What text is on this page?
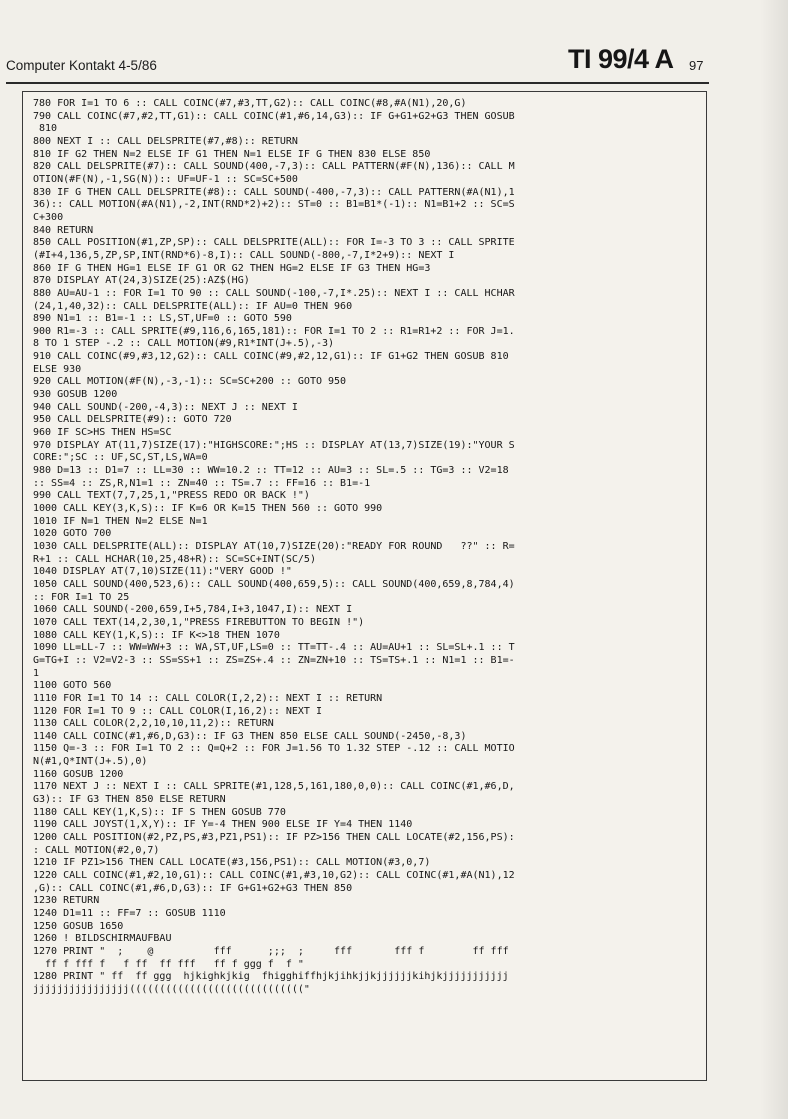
Computer Kontakt 4-5/86	TI 99/4 A 97
780 FOR I=1 TO 6 :: CALL COINC(#7,#3,TT,G2):: CALL COINC(#8,#A(N1),20,G)
790 CALL COINC(#7,#2,TT,G1):: CALL COINC(#1,#6,14,G3):: IF G+G1+G2+G3 THEN GOSUB
810
800 NEXT I :: CALL DELSPRITE(#7,#8):: RETURN
810 IF G2 THEN N=2 ELSE IF G1 THEN N=1 ELSE IF G THEN 830 ELSE 850
820 CALL DELSPRITE(#7):: CALL SOUND(400,-7,3):: CALL PATTERN(#F(N),136):: CALL M
OTION(#F(N),-1,SG(N)):: UF=UF-1 :: SC=SC+500
830 IF G THEN CALL DELSPRITE(#8):: CALL SOUND(-400,-7,3):: CALL PATTERN(#A(N1),1
36):: CALL MOTION(#A(N1),-2,INT(RND*2)+2):: ST=0 :: B1=B1*(-1):: N1=B1+2 :: SC=S
C+300
840 RETURN
850 CALL POSITION(#1,ZP,SP):: CALL DELSPRITE(ALL):: FOR I=-3 TO 3 :: CALL SPRITE
(#I+4,136,5,ZP,SP,INT(RND*6)-8,I):: CALL SOUND(-800,-7,I*2+9):: NEXT I
860 IF G THEN HG=1 ELSE IF G1 OR G2 THEN HG=2 ELSE IF G3 THEN HG=3
870 DISPLAY AT(24,3)SIZE(25):AZ$(HG)
880 AU=AU-1 :: FOR I=1 TO 90 :: CALL SOUND(-100,-7,I*.25):: NEXT I :: CALL HCHAR
(24,1,40,32):: CALL DELSPRITE(ALL):: IF AU=0 THEN 960
890 N1=1 :: B1=-1 :: LS,ST,UF=0 :: GOTO 590
900 R1=-3 :: CALL SPRITE(#9,116,6,165,181):: FOR I=1 TO 2 :: R1=R1+2 :: FOR J=1.
8 TO 1 STEP -.2 :: CALL MOTION(#9,R1*INT(J+.5),-3)
910 CALL COINC(#9,#3,12,G2):: CALL COINC(#9,#2,12,G1):: IF G1+G2 THEN GOSUB 810
ELSE 930
920 CALL MOTION(#F(N),-3,-1):: SC=SC+200 :: GOTO 950
930 GOSUB 1200
940 CALL SOUND(-200,-4,3):: NEXT J :: NEXT I
950 CALL DELSPRITE(#9):: GOTO 720
960 IF SC>HS THEN HS=SC
970 DISPLAY AT(11,7)SIZE(17):"HIGHSCORE:";HS :: DISPLAY AT(13,7)SIZE(19):"YOUR S
CORE:";SC :: UF,SC,ST,LS,WA=0
980 D=13 :: D1=7 :: LL=30 :: WW=10.2 :: TT=12 :: AU=3 :: SL=.5 :: TG=3 :: V2=18
:: SS=4 :: ZS,R,N1=1 :: ZN=40 :: TS=.7 :: FF=16 :: B1=-1
990 CALL TEXT(7,7,25,1,"PRESS REDO OR BACK !")
1000 CALL KEY(3,K,S):: IF K=6 OR K=15 THEN 560 :: GOTO 990
1010 IF N=1 THEN N=2 ELSE N=1
1020 GOTO 700
1030 CALL DELSPRITE(ALL):: DISPLAY AT(10,7)SIZE(20):"READY FOR ROUND   ??" :: R=
R+1 :: CALL HCHAR(10,25,48+R):: SC=SC+INT(SC/5)
1040 DISPLAY AT(7,10)SIZE(11):"VERY GOOD !"
1050 CALL SOUND(400,523,6):: CALL SOUND(400,659,5):: CALL SOUND(400,659,8,784,4)
:: FOR I=1 TO 25
1060 CALL SOUND(-200,659,I+5,784,I+3,1047,I):: NEXT I
1070 CALL TEXT(14,2,30,1,"PRESS FIREBUTTON TO BEGIN !")
1080 CALL KEY(1,K,S):: IF K<>18 THEN 1070
1090 LL=LL-7 :: WW=WW+3 :: WA,ST,UF,LS=0 :: TT=TT-.4 :: AU=AU+1 :: SL=SL+.1 :: T
G=TG+I :: V2=V2-3 :: SS=SS+1 :: ZS=ZS+.4 :: ZN=ZN+10 :: TS=TS+.1 :: N1=1 :: B1=-
1
1100 GOTO 560
1110 FOR I=1 TO 14 :: CALL COLOR(I,2,2):: NEXT I :: RETURN
1120 FOR I=1 TO 9 :: CALL COLOR(I,16,2):: NEXT I
1130 CALL COLOR(2,2,10,10,11,2):: RETURN
1140 CALL COINC(#1,#6,D,G3):: IF G3 THEN 850 ELSE CALL SOUND(-2450,-8,3)
1150 Q=-3 :: FOR I=1 TO 2 :: Q=Q+2 :: FOR J=1.56 TO 1.32 STEP -.12 :: CALL MOTIO
N(#1,Q*INT(J+.5),0)
1160 GOSUB 1200
1170 NEXT J :: NEXT I :: CALL SPRITE(#1,128,5,161,180,0,0):: CALL COINC(#1,#6,D,
G3):: IF G3 THEN 850 ELSE RETURN
1180 CALL KEY(1,K,S):: IF S THEN GOSUB 770
1190 CALL JOYST(1,X,Y):: IF Y=-4 THEN 900 ELSE IF Y=4 THEN 1140
1200 CALL POSITION(#2,PZ,PS,#3,PZ1,PS1):: IF PZ>156 THEN CALL LOCATE(#2,156,PS):
: CALL MOTION(#2,0,7)
1210 IF PZ1>156 THEN CALL LOCATE(#3,156,PS1):: CALL MOTION(#3,0,7)
1220 CALL COINC(#1,#2,10,G1):: CALL COINC(#1,#3,10,G2):: CALL COINC(#1,#A(N1),12
,G):: CALL COINC(#1,#6,D,G3):: IF G+G1+G2+G3 THEN 850
1230 RETURN
1240 D1=11 :: FF=7 :: GOSUB 1110
1250 GOSUB 1650
1260 ! BILDSCHIRMAUFBAU
1270 PRINT "  ;    @          fff      ;;;  ;     fff       fff f        ff fff
ff f fff f   f ff  ff fff   ff f ggg f  f "
1280 PRINT " ff  ff ggg  hjkighkjkig  fhigghiffhjkjihkjjkjjjjjjkihjkjjjjjjjjjjj
jjjjjjjjjjjjjjjj((((((((((((((((((((((((((((("
